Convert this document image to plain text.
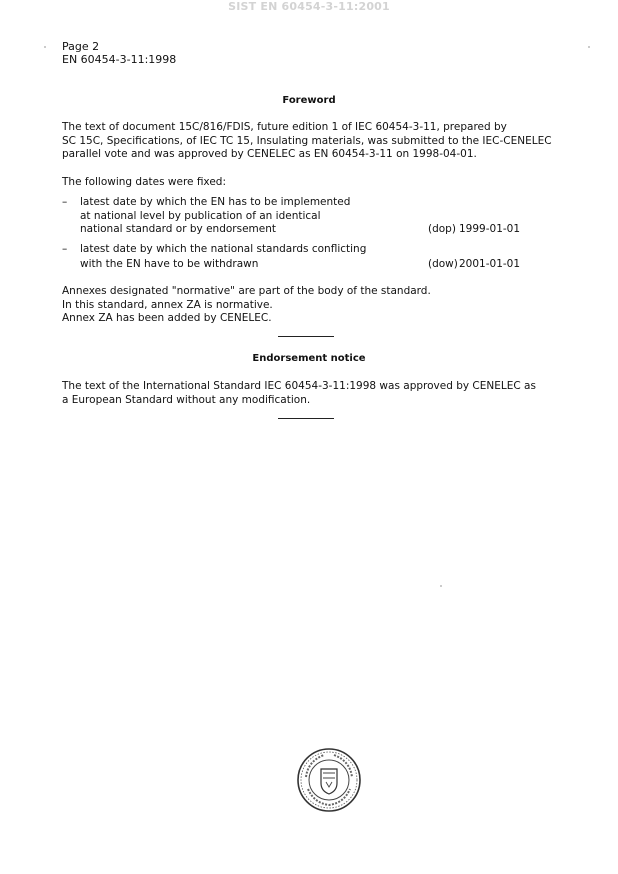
SIST EN 60454-3-11:2001
Page 2
EN 60454-3-11:1998
Foreword
The text of document 15C/816/FDIS, future edition 1 of IEC 60454-3-11, prepared by
SC 15C, Specifications, of IEC TC 15, Insulating materials, was submitted to the IEC-CENELEC
parallel vote and was approved by CENELEC as EN 60454-3-11 on 1998-04-01.
The following dates were fixed:
– latest date by which the EN has to be implemented
at national level by publication of an identical
national standard or by endorsement	(dop) 1999-01-01
– latest date by which the national standards conflicting
with the EN have to be withdrawn	(dow) 2001-01-01
Annexes designated "normative" are part of the body of the standard.
In this standard, annex ZA is normative.
Annex ZA has been added by CENELEC.
Endorsement notice
The text of the International Standard IEC 60454-3-11:1998 was approved by CENELEC as
a European Standard without any modification.
